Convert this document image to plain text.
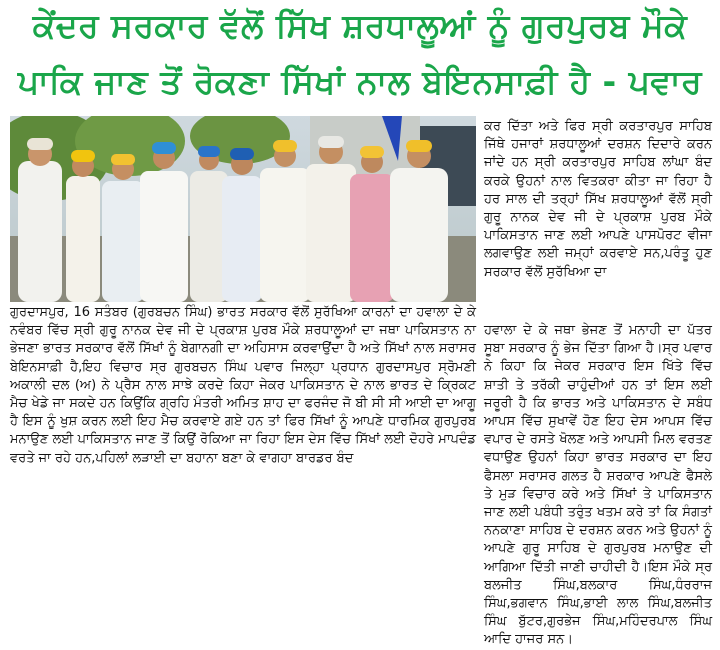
ਕੇਂਦਰ ਸਰਕਾਰ ਵੱਲੋਂ ਸਿੱਖ ਸ਼ਰਧਾਲੂਆਂ ਨੂੰ ਗੁਰਪੁਰਬ ਮੌਕੇ
ਪਾਕਿ ਜਾਣ ਤੋਂ ਰੋਕਣਾ ਸਿੱਖਾਂ ਨਾਲ ਬੇਇਨਸਾਫ਼ੀ ਹੈ - ਪਵਾਰ

ਕਰ ਦਿੱਤਾ ਅਤੇ ਫਿਰ ਸ੍ਰੀ ਕਰਤਾਰਪੁਰ ਸਾਹਿਬ ਜਿੱਥੇ ਹਜਾਰਾਂ ਸ਼ਰਧਾਲੂਆਂ ਦਰਸ਼ਨ ਦਿਦਾਰੇ ਕਰਨ ਜਾਂਦੇ ਹਨ ਸ੍ਰੀ ਕਰਤਾਰਪੁਰ ਸਾਹਿਬ ਲਾਂਘਾ ਬੰਦ ਕਰਕੇ ਉਹਨਾਂ ਨਾਲ ਵਿਤਕਰਾ ਕੀਤਾ ਜਾ ਰਿਹਾ ਹੈ ਹਰ ਸਾਲ ਦੀ ਤਰ੍ਹਾਂ ਸਿੱਖ ਸ਼ਰਧਾਲੂਆਂ ਵੱਲੋਂ ਸ੍ਰੀ ਗੁਰੂ ਨਾਨਕ ਦੇਵ ਜੀ ਦੇ ਪ੍ਰਕਾਸ਼ ਪੁਰਬ ਮੌਕੇ ਪਾਕਿਸਤਾਨ ਜਾਣ ਲਈ ਆਪਣੇ ਪਾਸਪੋਰਟ ਵੀਜਾ ਲਗਵਾਉਣ ਲਈ ਜਮ੍ਹਾਂ ਕਰਵਾਏ ਸਨ,ਪਰੰਤੂ ਹੁਣ ਸਰਕਾਰ ਵੱਲੋਂ ਸੁਰੱਖਿਆ ਦਾ

ਹਵਾਲਾ ਦੇ ਕੇ ਜਥਾ ਭੇਜਣ ਤੋਂ ਮਨਾਹੀ ਦਾ ਪੱਤਰ ਸੂਬਾ ਸਰਕਾਰ ਨੂੰ ਭੇਜ ਦਿੱਤਾ ਗਿਆ ਹੈ।ਸ੍ਰ ਪਵਾਰ ਨੇ ਕਿਹਾ ਕਿ ਜੇਕਰ ਸਰਕਾਰ ਇਸ ਖਿੱਤੇ ਵਿੱਚ ਸ਼ਾਤੀ ਤੇ ਤਰੱਕੀ ਚਾਹੁੰਦੀਆਂ ਹਨ ਤਾਂ ਇਸ ਲਈ ਜਰੂਰੀ ਹੈ ਕਿ ਭਾਰਤ ਅਤੇ ਪਾਕਿਸਤਾਨ ਦੇ ਸਬੰਧ ਆਪਸ ਵਿੱਚ ਸੁਖਾਵੇਂ ਹੋਣ ਇਹ ਦੇਸ ਆਪਸ ਵਿੱਚ ਵਪਾਰ ਦੇ ਰਸਤੇ ਖੋਲਣ ਅਤੇ ਆਪਸੀ ਮਿਲ ਵਰਤਣ ਵਧਾਉਣ ਉਹਨਾਂ ਕਿਹਾ ਭਾਰਤ ਸਰਕਾਰ ਦਾ ਇਹ ਫੈਸਲਾ ਸਰਾਸਰ ਗਲਤ ਹੈ ਸ਼ਰਕਾਰ ਆਪਣੇ ਫੈਸਲੇ ਤੇ ਮੁੜ ਵਿਚਾਰ ਕਰੇ ਅਤੇ ਸਿੱਖਾਂ ਤੇ ਪਾਕਿਸਤਾਨ ਜਾਣ ਲਈ ਪਬੰਧੀ ਤਰੁੰਤ ਖਤਮ ਕਰੇ ਤਾਂ ਕਿ ਸੰਗਤਾਂ ਨਨਕਾਣਾ ਸਾਹਿਬ ਦੇ ਦਰਸ਼ਨ ਕਰਨ ਅਤੇ ਉਹਨਾਂ ਨੂੰ ਆਪਣੇ ਗੁਰੂ ਸਾਹਿਬ ਦੇ ਗੁਰਪੁਰਬ ਮਨਾਉਣ ਦੀ ਆਗਿਆ ਦਿੱਤੀ ਜਾਣੀ ਚਾਹੀਦੀ ਹੈ।ਇਸ ਮੌਕੇ ਸ੍ਰ ਬਲਜੀਤ ਸਿੰਘ,ਬਲਕਾਰ ਸਿੰਘ,ਧੰਰਰਾਜ ਸਿੰਘ,ਭਗਵਾਨ ਸਿੰਘ,ਭਾਈ ਲਾਲ ਸਿੰਘ,ਬਲਜੀਤ ਸਿੰਘ ਬੁੱਟਰ,ਗੁਰਭੇਜ ਸਿੰਘ,ਮਹਿੰਦਰਪਾਲ ਸਿੰਘ ਆਦਿ ਹਾਜਰ ਸਨ।

ਗੁਰਦਾਸਪੁਰ, 16 ਸਤੰਬਰ (ਗੁਰਬਚਨ ਸਿੰਘ) ਭਾਰਤ ਸਰਕਾਰ ਵੱਲੋਂ ਸੁਰੱਖਿਆ ਕਾਰਨਾਂ ਦਾ ਹਵਾਲਾ ਦੇ ਕੇ ਨਵੰਬਰ ਵਿੱਚ ਸ੍ਰੀ ਗੁਰੂ ਨਾਨਕ ਦੇਵ ਜੀ ਦੇ ਪ੍ਰਕਾਸ਼ ਪੁਰਬ ਮੌਕੇ ਸ਼ਰਧਾਲੂਆਂ ਦਾ ਜਥਾ ਪਾਕਿਸਤਾਨ ਨਾ ਭੇਜਣਾ ਭਾਰਤ ਸਰਕਾਰ ਵੱਲੋਂ ਸਿੱਖਾਂ ਨੂੰ ਬੇਗਾਨਗੀ ਦਾ ਅਹਿਸਾਸ ਕਰਵਾਉਂਦਾ ਹੈ ਅਤੇ ਸਿੱਖਾਂ ਨਾਲ ਸਰਾਸਰ ਬੇਇਨਸਾਫ਼ੀ ਹੈ,ਇਹ ਵਿਚਾਰ ਸ੍ਰ ਗੁਰਬਚਨ ਸਿੰਘ ਪਵਾਰ ਜਿਲ੍ਹਾ ਪ੍ਰਧਾਨ ਗੁਰਦਾਸਪੁਰ ਸ੍ਰੋਮਣੀ ਅਕਾਲੀ ਦਲ (ਅ) ਨੇ ਪ੍ਰੈਸ ਨਾਲ ਸਾਝੇ ਕਰਦੇ ਕਿਹਾ ਜੇਕਰ ਪਾਕਿਸਤਾਨ ਦੇ ਨਾਲ ਭਾਰਤ ਦੇ ਕ੍ਰਿਕਟ ਮੈਚ ਖੇਡੇ ਜਾ ਸਕਦੇ ਹਨ ਕਿਉਂਕਿ ਗ੍ਰਹਿ ਮੰਤਰੀ ਅਮਿਤ ਸ਼ਾਹ ਦਾ ਫਰਜੰਦ ਜੋ ਬੀ ਸੀ ਸੀ ਆਈ ਦਾ ਆਗੂ ਹੈ ਇਸ ਨੂੰ ਖੁਸ਼ ਕਰਨ ਲਈ ਇਹ ਮੈਚ ਕਰਵਾਏ ਗਏ ਹਨ ਤਾਂ ਫਿਰ ਸਿੱਖਾਂ ਨੂੰ ਆਪਣੇ ਧਾਰਮਿਕ ਗੁਰਪੁਰਬ ਮਨਾਉਣ ਲਈ ਪਾਕਿਸਤਾਨ ਜਾਣ ਤੋਂ ਕਿਉਂ ਰੋਕਿਆ ਜਾ ਰਿਹਾ ਇਸ ਦੇਸ ਵਿੱਚ ਸਿੱਖਾਂ ਲਈ ਦੋਹਰੇ ਮਾਪਦੰਡ ਵਰਤੇ ਜਾ ਰਹੇ ਹਨ,ਪਹਿਲਾਂ ਲੜਾਈ ਦਾ ਬਹਾਨਾ ਬਣਾ ਕੇ ਵਾਗਹਾ ਬਾਰਡਰ ਬੰਦ
